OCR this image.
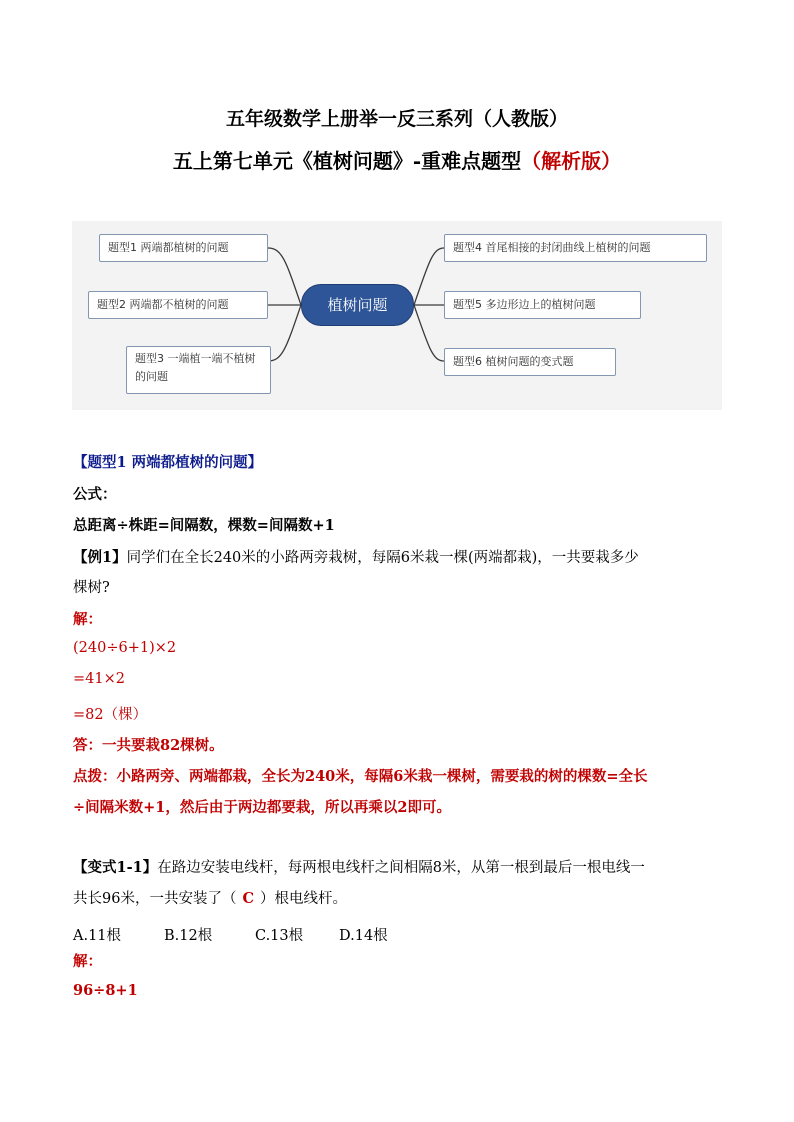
五年级数学上册举一反三系列（人教版）
五上第七单元《植树问题》-重难点题型（解析版）
植树问题
题型1 两端都植树的问题
题型2 两端都不植树的问题
题型3 一端植一端不植树的问题
题型4 首尾相接的封闭曲线上植树的问题
题型5 多边形边上的植树问题
题型6 植树问题的变式题
【题型1 两端都植树的问题】
公式：
总距离÷株距=间隔数，棵数=间隔数+1
【例1】同学们在全长240米的小路两旁栽树，每隔6米栽一棵(两端都栽)，一共要栽多少
棵树?
解：
(240÷6+1)×2
=41×2
=82（棵）
答：一共要栽82棵树。
点拨：小路两旁、两端都栽，全长为240米，每隔6米栽一棵树，需要栽的树的棵数=全长
÷间隔米数+1，然后由于两边都要栽，所以再乘以2即可。
【变式1-1】在路边安装电线杆，每两根电线杆之间相隔8米，从第一根到最后一根电线一
共长96米，一共安装了（ C ）根电线杆。
A.11根	B.12根	C.13根 D.14根
解：
96÷8+1
